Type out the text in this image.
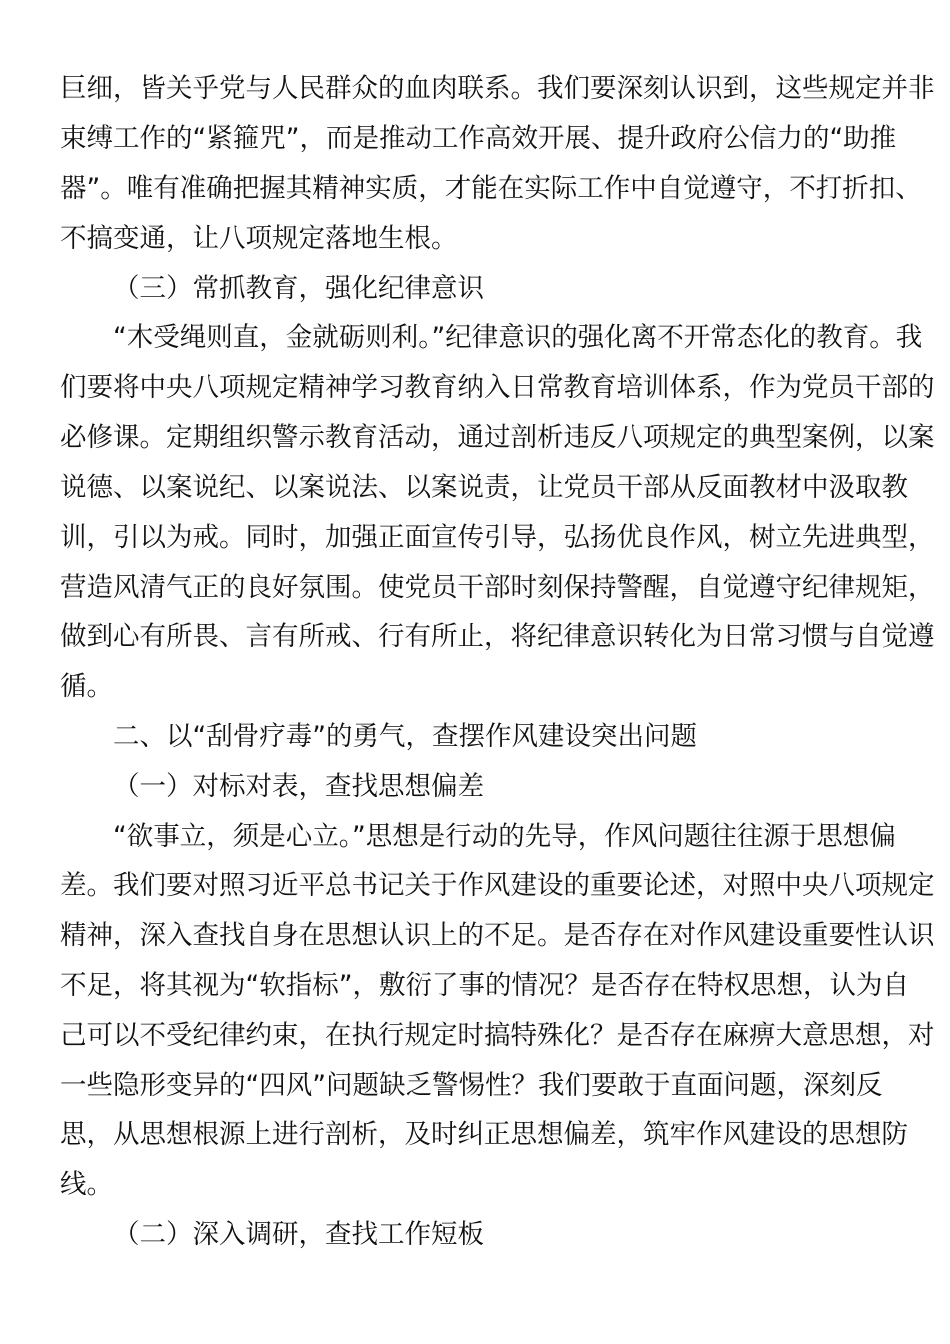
巨细，皆关乎党与人民群众的血肉联系。我们要深刻认识到，这些规定并非
束缚工作的“紧箍咒”，而是推动工作高效开展、提升政府公信力的“助推
器”。唯有准确把握其精神实质，才能在实际工作中自觉遵守，不打折扣、
不搞变通，让八项规定落地生根。
（三）常抓教育，强化纪律意识
“木受绳则直，金就砺则利。”纪律意识的强化离不开常态化的教育。我
们要将中央八项规定精神学习教育纳入日常教育培训体系，作为党员干部的
必修课。定期组织警示教育活动，通过剖析违反八项规定的典型案例，以案
说德、以案说纪、以案说法、以案说责，让党员干部从反面教材中汲取教
训，引以为戒。同时，加强正面宣传引导，弘扬优良作风，树立先进典型，
营造风清气正的良好氛围。使党员干部时刻保持警醒，自觉遵守纪律规矩，
做到心有所畏、言有所戒、行有所止，将纪律意识转化为日常习惯与自觉遵
循。
二、以“刮骨疗毒”的勇气，查摆作风建设突出问题
（一）对标对表，查找思想偏差
“欲事立，须是心立。”思想是行动的先导，作风问题往往源于思想偏
差。我们要对照习近平总书记关于作风建设的重要论述，对照中央八项规定
精神，深入查找自身在思想认识上的不足。是否存在对作风建设重要性认识
不足，将其视为“软指标”，敷衍了事的情况？是否存在特权思想，认为自
己可以不受纪律约束，在执行规定时搞特殊化？是否存在麻痹大意思想，对
一些隐形变异的“四风”问题缺乏警惕性？我们要敢于直面问题，深刻反
思，从思想根源上进行剖析，及时纠正思想偏差，筑牢作风建设的思想防
线。
（二）深入调研，查找工作短板
